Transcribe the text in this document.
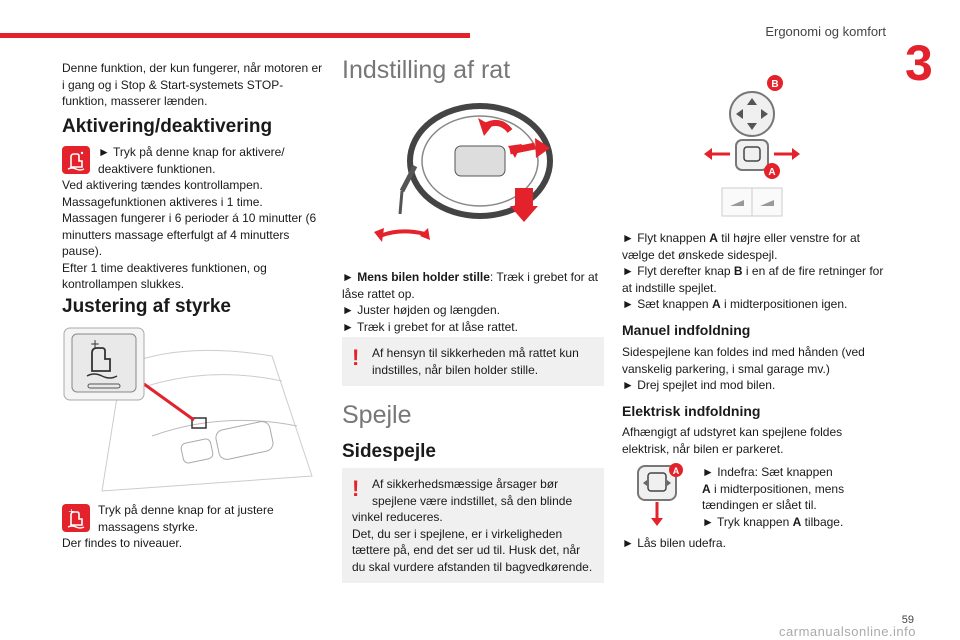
Ergonomi og komfort
3

Denne funktion, der kun fungerer, når motoren er i gang og i Stop & Start-systemets STOP-funktion, masserer lænden.

Aktivering/deaktivering

► Tryk på denne knap for aktivere/ deaktivere funktionen.

Ved aktivering tændes kontrollampen.

Massagefunktionen aktiveres i 1 time.

Massagen fungerer i 6 perioder á 10 minutter (6 minutters massage efterfulgt af 4 minutters pause).

Efter 1 time deaktiveres funktionen, og kontrollampen slukkes.

Justering af styrke
+
+	Tryk på denne knap for at justere massagens styrke.

Der findes to niveauer.

Indstilling af rat

► Mens bilen holder stille: Træk i grebet for at låse rattet op.

► Juster højden og længden.

► Træk i grebet for at låse rattet.

!	Af hensyn til sikkerheden må rattet kun indstilles, når bilen holder stille.
Spejle
Sidespejle
!	Af sikkerhedsmæssige årsager bør spejlene være indstillet, så den blinde vinkel reduceres.
Det, du ser i spejlene, er i virkeligheden tættere på, end det ser ud til. Husk det, når du skal vurdere afstanden til bagvedkørende.
B
A

► Flyt knappen A til højre eller venstre for at vælge det ønskede sidespejl.

► Flyt derefter knap B i en af de fire retninger for at indstille spejlet.

► Sæt knappen A i midterpositionen igen.

Manuel indfoldning

Sidespejlene kan foldes ind med hånden (ved vanskelig parkering, i smal garage mv.)

► Drej spejlet ind mod bilen.

Elektrisk indfoldning
Afhængigt af udstyret kan spejlene foldes elektrisk, når bilen er parkeret.
A ► Indefra: Sæt knappen

A i midterpositionen, mens tændingen er slået til.

► Tryk knappen A tilbage.

► Lås bilen udefra.
59
carmanualsonline.info
